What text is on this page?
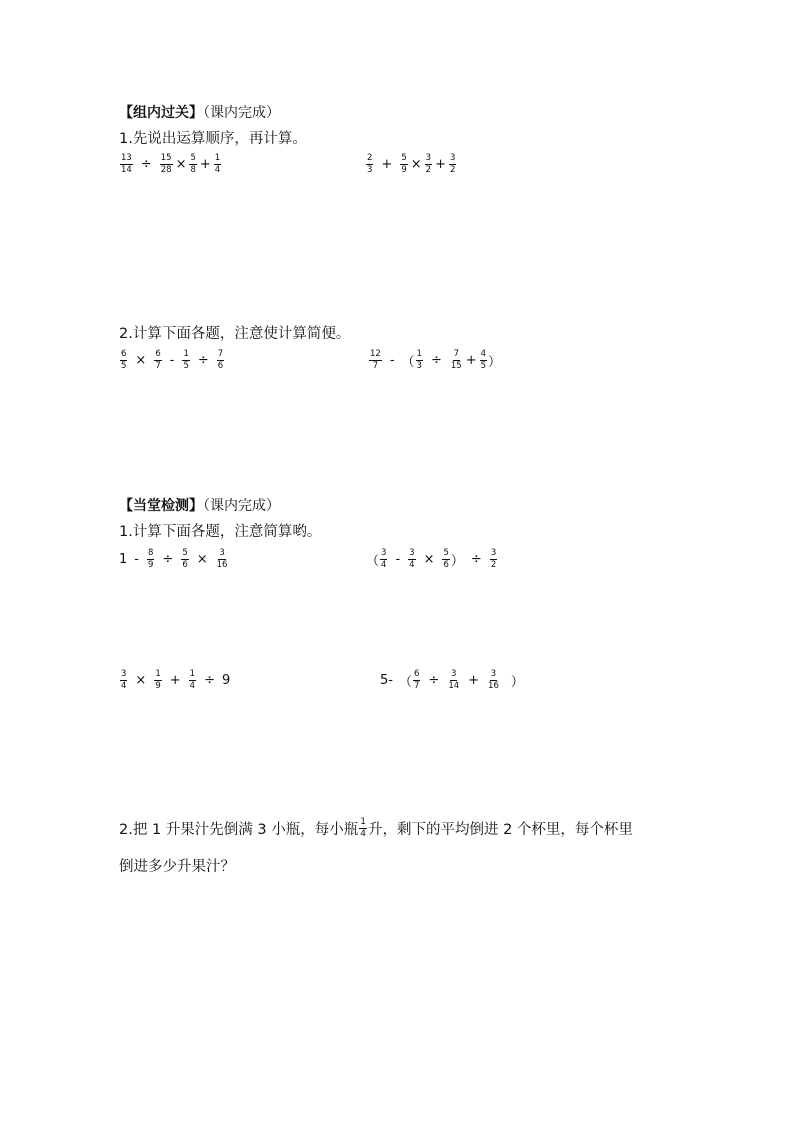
【组内过关】（课内完成）
1.先说出运算顺序，再计算。
$\frac{13}{14} \div \frac{15}{28} \times \frac{5}{8} + \frac{1}{4}$	$\frac{2}{3} + \frac{5}{9} \times \frac{3}{2} + \frac{3}{2}$
2.计算下面各题，注意使计算简便。
$\frac{6}{5} \times \frac{6}{7} - \frac{1}{5} \div \frac{7}{6}$	$\frac{12}{7}$ - （ $\frac{1}{3} \div \frac{7}{15} + \frac{4}{5}$ ）
【当堂检测】（课内完成）
1.计算下面各题，注意简算哟。
$1 - \frac{8}{9} \div \frac{5}{6} \times \frac{3}{16}$	（ $\frac{3}{4} - \frac{3}{4} \times \frac{5}{6}$ ） ÷ $\frac{3}{2}$
$\frac{3}{4} \times \frac{1}{9} + \frac{1}{4} \div 9$	5- （ $\frac{6}{7} \div \frac{3}{14} + \frac{3}{16}$ ）
2.把 1 升果汁先倒满 3 小瓶，每小瓶 $\frac{1}{4}$ 升，剩下的平均倒进 2 个杯里，每个杯里
倒进多少升果汁？
